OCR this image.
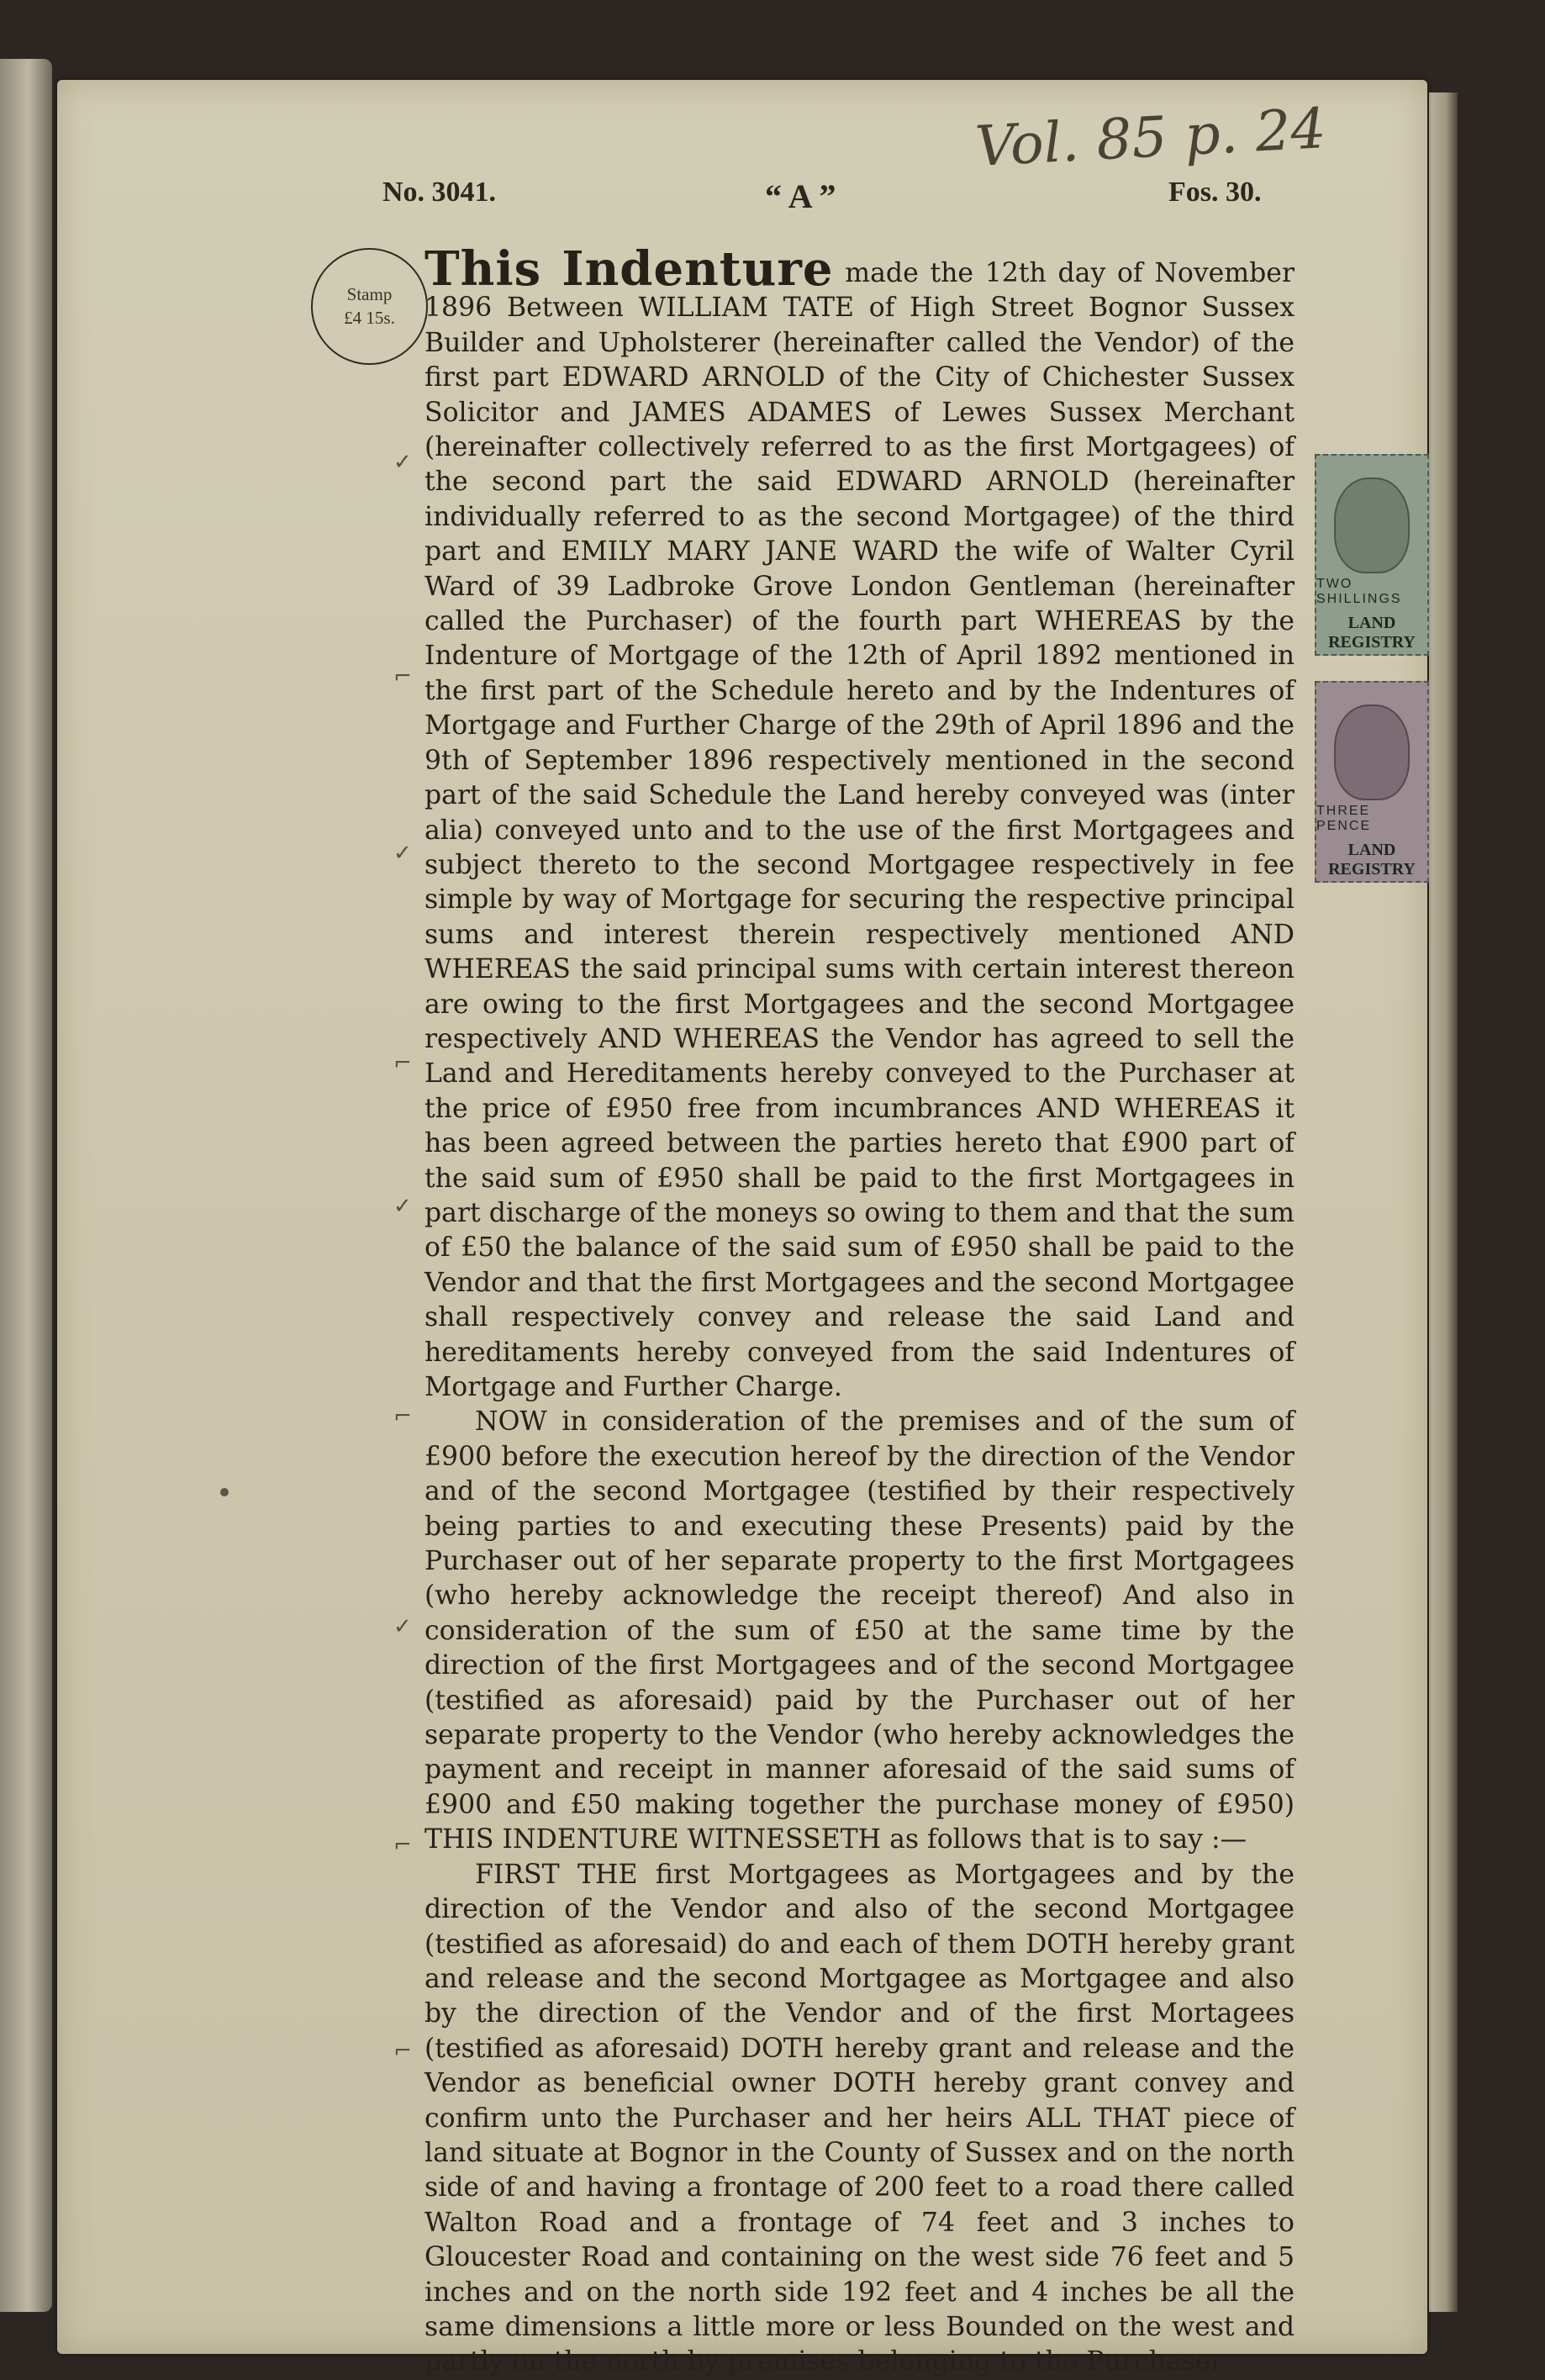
Vol. 85 p. 24
No. 3041.	“ A ”	Fos. 30.
Stamp
£4 15s.
TWO SHILLINGS
LAND REGISTRY
THREE PENCE
LAND REGISTRY
✓
⌐
✓
⌐
✓
⌐
✓
⌐
⌐

This Indenture made the 12th day of November 1896 Between WILLIAM TATE of High Street Bognor Sussex Builder and Upholsterer (hereinafter called the Vendor) of the first part EDWARD ARNOLD of the City of Chichester Sussex Solicitor and JAMES ADAMES of Lewes Sussex Merchant (hereinafter collectively referred to as the first Mortgagees) of the second part the said EDWARD ARNOLD (hereinafter individually referred to as the second Mortgagee) of the third part and EMILY MARY JANE WARD the wife of Walter Cyril Ward of 39 Ladbroke Grove London Gentleman (hereinafter called the Purchaser) of the fourth part WHEREAS by the Indenture of Mortgage of the 12th of April 1892 mentioned in the first part of the Schedule hereto and by the Indentures of Mortgage and Further Charge of the 29th of April 1896 and the 9th of September 1896 respectively mentioned in the second part of the said Schedule the Land hereby conveyed was (inter alia) conveyed unto and to the use of the first Mortgagees and subject thereto to the second Mortgagee respectively in fee simple by way of Mortgage for securing the respective principal sums and interest therein respectively mentioned AND WHEREAS the said principal sums with certain interest thereon are owing to the first Mortgagees and the second Mortgagee respectively AND WHEREAS the Vendor has agreed to sell the Land and Hereditaments hereby conveyed to the Purchaser at the price of £950 free from incumbrances AND WHEREAS it has been agreed between the parties hereto that £900 part of the said sum of £950 shall be paid to the first Mortgagees in part discharge of the moneys so owing to them and that the sum of £50 the balance of the said sum of £950 shall be paid to the Vendor and that the first Mortgagees and the second Mortgagee shall respectively convey and release the said Land and hereditaments hereby conveyed from the said Indentures of Mortgage and Further Charge.

NOW in consideration of the premises and of the sum of £900 before the execution hereof by the direction of the Vendor and of the second Mortgagee (testified by their respectively being parties to and executing these Presents) paid by the Purchaser out of her separate property to the first Mortgagees (who hereby acknowledge the receipt thereof) And also in consideration of the sum of £50 at the same time by the direction of the first Mortgagees and of the second Mortgagee (testified as aforesaid) paid by the Purchaser out of her separate property to the Vendor (who hereby acknowledges the payment and receipt in manner aforesaid of the said sums of £900 and £50 making together the purchase money of £950) THIS INDENTURE WITNESSETH as follows that is to say :—

FIRST THE first Mortgagees as Mortgagees and by the direction of the Vendor and also of the second Mortgagee (testified as aforesaid) do and each of them DOTH hereby grant and release and the second Mortgagee as Mortgagee and also by the direction of the Vendor and of the first Mortagees (testified as aforesaid) DOTH hereby grant and release and the Vendor as beneficial owner DOTH hereby grant convey and confirm unto the Purchaser and her heirs ALL THAT piece of land situate at Bognor in the County of Sussex and on the north side of and having a frontage of 200 feet to a road there called Walton Road and a frontage of 74 feet and 3 inches to Gloucester Road and containing on the west side 76 feet and 5 inches and on the north side 192 feet and 4 inches be all the same dimensions a little more or less Bounded on the west and partly on the north by premises belonging to the Purchaser
